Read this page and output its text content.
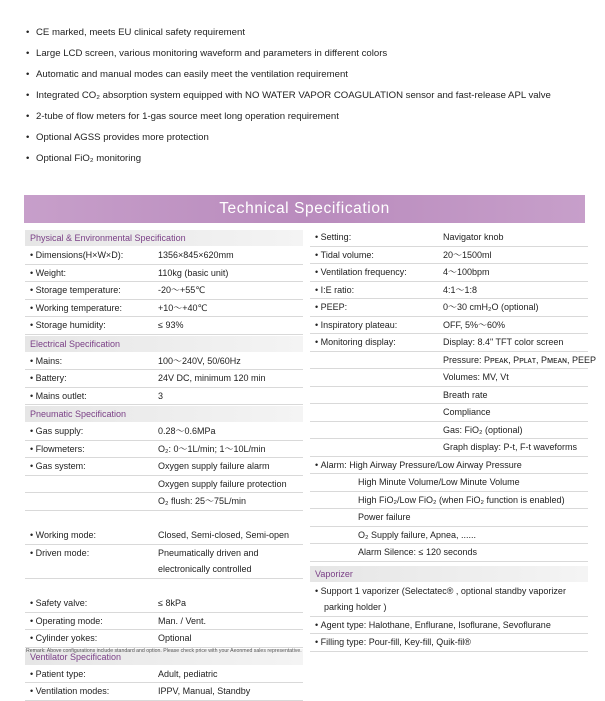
• CE marked, meets EU clinical safety requirement
• Large LCD screen, various monitoring waveform and parameters in different colors
• Automatic and manual modes can easily meet the ventilation requirement
• Integrated CO₂ absorption system equipped with NO WATER VAPOR COAGULATION sensor and fast-release APL valve
• 2-tube of flow meters for 1-gas source meet long operation requirement
• Optional AGSS provides more protection
• Optional FiO₂ monitoring
Technical Specification
Physical & Environmental Specification
• Dimensions(H×W×D):	1356×845×620mm
• Weight:	110kg (basic unit)
• Storage temperature:	-20～+55℃
• Working temperature:	+10～+40℃
• Storage humidity:	≤ 93%
Electrical Specification
• Mains:	100～240V, 50/60Hz
• Battery:	24V DC, minimum 120 min
• Mains outlet:	3
Pneumatic Specification
• Gas supply:	0.28～0.6MPa
• Flowmeters:	O₂: 0～1L/min; 1～10L/min
• Gas system:	Oxygen supply failure alarm
Oxygen supply failure protection
O₂ flush: 25～75L/min
• Working mode:	Closed, Semi-closed, Semi-open
• Driven mode:	Pneumatically driven and
electronically controlled
• Safety valve:	≤ 8kPa
• Operating mode:	Man. / Vent.
• Cylinder yokes:	Optional
Ventilator Specification
• Patient type:	Adult, pediatric
• Ventilation modes:	IPPV, Manual, Standby
• Setting:	Navigator knob
• Tidal volume:	20～1500ml
• Ventilation frequency:	4～100bpm
• I:E ratio:	4:1～1:8
• PEEP:	0～30 cmH₂O (optional)
• Inspiratory plateau:	OFF, 5%～60%
• Monitoring display:	Display: 8.4" TFT color screen
Pressure: Pᴘᴇᴀᴋ, Pᴘʟᴀᴛ, Pᴍᴇᴀɴ, PEEP
Volumes: MV, Vt
Breath rate
Compliance
Gas: FiO₂ (optional)
Graph display: P-t, F-t waveforms
• Alarm: High Airway Pressure/Low Airway Pressure
High Minute Volume/Low Minute Volume
High FiO₂/Low FiO₂ (when FiO₂ function is enabled)
Power failure
O₂ Supply failure, Apnea, ......
Alarm Silence: ≤ 120 seconds
Vaporizer
• Support 1 vaporizer (Selectatec® , optional standby vaporizer
parking holder )
• Agent type: Halothane, Enflurane, Isoflurane, Sevoflurane
• Filling type: Pour-fill, Key-fill, Quik-fil®
Remark: Above configurations include standard and option. Please check price with your Aeonmed sales representative.
